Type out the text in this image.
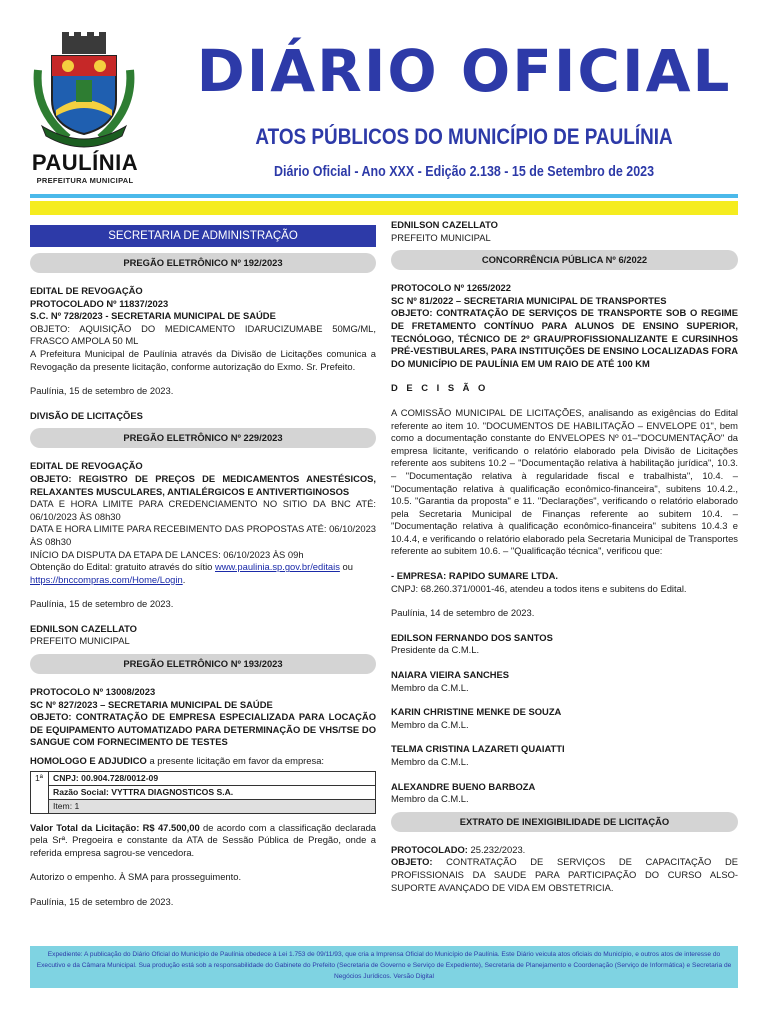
PAULÍNIA
PREFEITURA MUNICIPAL
DIÁRIO OFICIAL
ATOS PÚBLICOS DO MUNICÍPIO DE PAULÍNIA
Diário Oficial - Ano XXX - Edição 2.138 - 15 de Setembro de 2023
SECRETARIA DE ADMINISTRAÇÃO
PREGÃO ELETRÔNICO Nº 192/2023
EDITAL DE REVOGAÇÃO
PROTOCOLADO Nº 11837/2023
S.C. Nº 728/2023 - SECRETARIA MUNICIPAL DE SAÚDE
OBJETO: AQUISIÇÃO DO MEDICAMENTO IDARUCIZUMABE 50MG/ML, FRASCO AMPOLA 50 ML
A Prefeitura Municipal de Paulínia através da Divisão de Licitações comunica a Revogação da presente licitação, conforme autorização do Exmo. Sr. Prefeito.
Paulínia, 15 de setembro de 2023.
DIVISÃO DE LICITAÇÕES
PREGÃO ELETRÔNICO Nº 229/2023
EDITAL DE REVOGAÇÃO
OBJETO: REGISTRO DE PREÇOS DE MEDICAMENTOS ANESTÉSICOS, RELAXANTES MUSCULARES, ANTIALÉRGICOS E ANTIVERTIGINOSOS
DATA E HORA LIMITE PARA CREDENCIAMENTO NO SITIO DA BNC ATÉ: 06/10/2023 ÀS 08h30
DATA E HORA LIMITE PARA RECEBIMENTO DAS PROPOSTAS ATÉ: 06/10/2023 ÀS 08h30
INÍCIO DA DISPUTA DA ETAPA DE LANCES: 06/10/2023 ÀS 09h
Obtenção do Edital: gratuito através do sítio www.paulinia.sp.gov.br/editais ou https://bnccompras.com/Home/Login.
Paulínia, 15 de setembro de 2023.
EDNILSON CAZELLATO
PREFEITO MUNICIPAL
PREGÃO ELETRÔNICO Nº 193/2023
PROTOCOLO Nº 13008/2023
SC Nº 827/2023 – SECRETARIA MUNICIPAL DE SAÚDE
OBJETO: CONTRATAÇÃO DE EMPRESA ESPECIALIZADA PARA LOCAÇÃO DE EQUIPAMENTO AUTOMATIZADO PARA DETERMINAÇÃO DE VHS/TSE DO SANGUE COM FORNECIMENTO DE TESTES
HOMOLOGO E ADJUDICO a presente licitação em favor da empresa:
1ª	CNPJ: 00.904.728/0012-09
Razão Social: VYTTRA DIAGNOSTICOS S.A.
Item: 1
Valor Total da Licitação: R$ 47.500,00 de acordo com a classificação declarada pela Srª. Pregoeira e constante da ATA de Sessão Pública de Pregão, onde a referida empresa sagrou-se vencedora.
Autorizo o empenho. À SMA para prosseguimento.
Paulínia, 15 de setembro de 2023.
EDNILSON CAZELLATO
PREFEITO MUNICIPAL
CONCORRÊNCIA PÚBLICA Nº 6/2022
PROTOCOLO Nº 1265/2022
SC Nº 81/2022 – SECRETARIA MUNICIPAL DE TRANSPORTES
OBJETO: CONTRATAÇÃO DE SERVIÇOS DE TRANSPORTE SOB O REGIME DE FRETAMENTO CONTÍNUO PARA ALUNOS DE ENSINO SUPERIOR, TECNÓLOGO, TÉCNICO DE 2º GRAU/PROFISSIONALIZANTE E CURSINHOS PRÉ-VESTIBULARES, PARA INSTITUIÇÕES DE ENSINO LOCALIZADAS FORA DO MUNICÍPIO DE PAULÍNIA EM UM RAIO DE ATÉ 100 KM
D E C I S Ã O
A COMISSÃO MUNICIPAL DE LICITAÇÕES, analisando as exigências do Edital referente ao item 10. "DOCUMENTOS DE HABILITAÇÃO – ENVELOPE 01", bem como a documentação constante do ENVELOPES Nº 01–"DOCUMENTAÇÃO" da empresa licitante, verificando o relatório elaborado pela Divisão de Licitações referente aos subitens 10.2 – "Documentação relativa à habilitação jurídica", 10.3. – "Documentação relativa à regularidade fiscal e trabalhista", 10.4. – "Documentação relativa à qualificação econômico-financeira", subitens 10.4.2., 10.5. "Garantia da proposta" e 11. "Declarações", verificando o relatório elaborado pela Secretaria Municipal de Finanças referente ao subitem 10.4. – "Documentação relativa à qualificação econômico-financeira" subitens 10.4.3 e 10.4.4, e verificando o relatório elaborado pela Secretaria Municipal de Transportes referente ao subitem 10.6. – "Qualificação técnica", verificou que:
- EMPRESA: RAPIDO SUMARE LTDA.
CNPJ: 68.260.371/0001-46, atendeu a todos itens e subitens do Edital.
Paulínia, 14 de setembro de 2023.
EDILSON FERNANDO DOS SANTOS
Presidente da C.M.L.
NAIARA VIEIRA SANCHES
Membro da C.M.L.
KARIN CHRISTINE MENKE DE SOUZA
Membro da C.M.L.
TELMA CRISTINA LAZARETI QUAIATTI
Membro da C.M.L.
ALEXANDRE BUENO BARBOZA
Membro da C.M.L.
EXTRATO DE INEXIGIBILIDADE DE LICITAÇÃO
PROTOCOLADO: 25.232/2023.
OBJETO: CONTRATAÇÃO DE SERVIÇOS DE CAPACITAÇÃO DE PROFISSIONAIS DA SAUDE PARA PARTICIPAÇÃO DO CURSO ALSO-SUPORTE AVANÇADO DE VIDA EM OBSTETRICIA.
Expediente: A publicação do Diário Oficial do Município de Paulínia obedece à Lei 1.753 de 09/11/93, que cria a Imprensa Oficial do Município de Paulínia. Este Diário veicula atos oficiais do Município, e outros atos de interesse do Executivo e da Câmara Municipal. Sua produção está sob a responsabilidade do Gabinete do Prefeito (Secretaria de Governo e Serviço de Expediente), Secretaria de Planejamento e Coordenação (Serviço de Informática) e Secretaria de Negócios Jurídicos. Versão Digital
